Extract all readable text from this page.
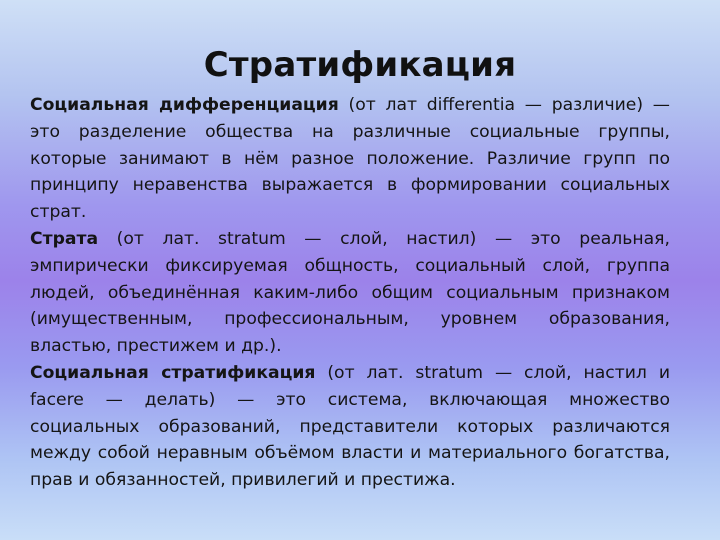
Стратификация

Социальная дифференциация (от лат differentia — различие) — это разделение общества на различные социальные группы, которые занимают в нём разное положение. Различие групп по принципу неравенства выражается в формировании социальных страт.

Страта (от лат. stratum — слой, настил) — это реальная, эмпирически фиксируемая общность, социальный слой, группа людей, объединённая каким-либо общим социальным признаком (имущественным, профессиональным, уровнем образования, властью, престижем и др.).

Социальная стратификация (от лат. stratum — слой, настил и facere — делать) — это система, включающая множество социальных образований, представители которых различаются между собой неравным объёмом власти и материального богатства, прав и обязанностей, привилегий и престижа.
